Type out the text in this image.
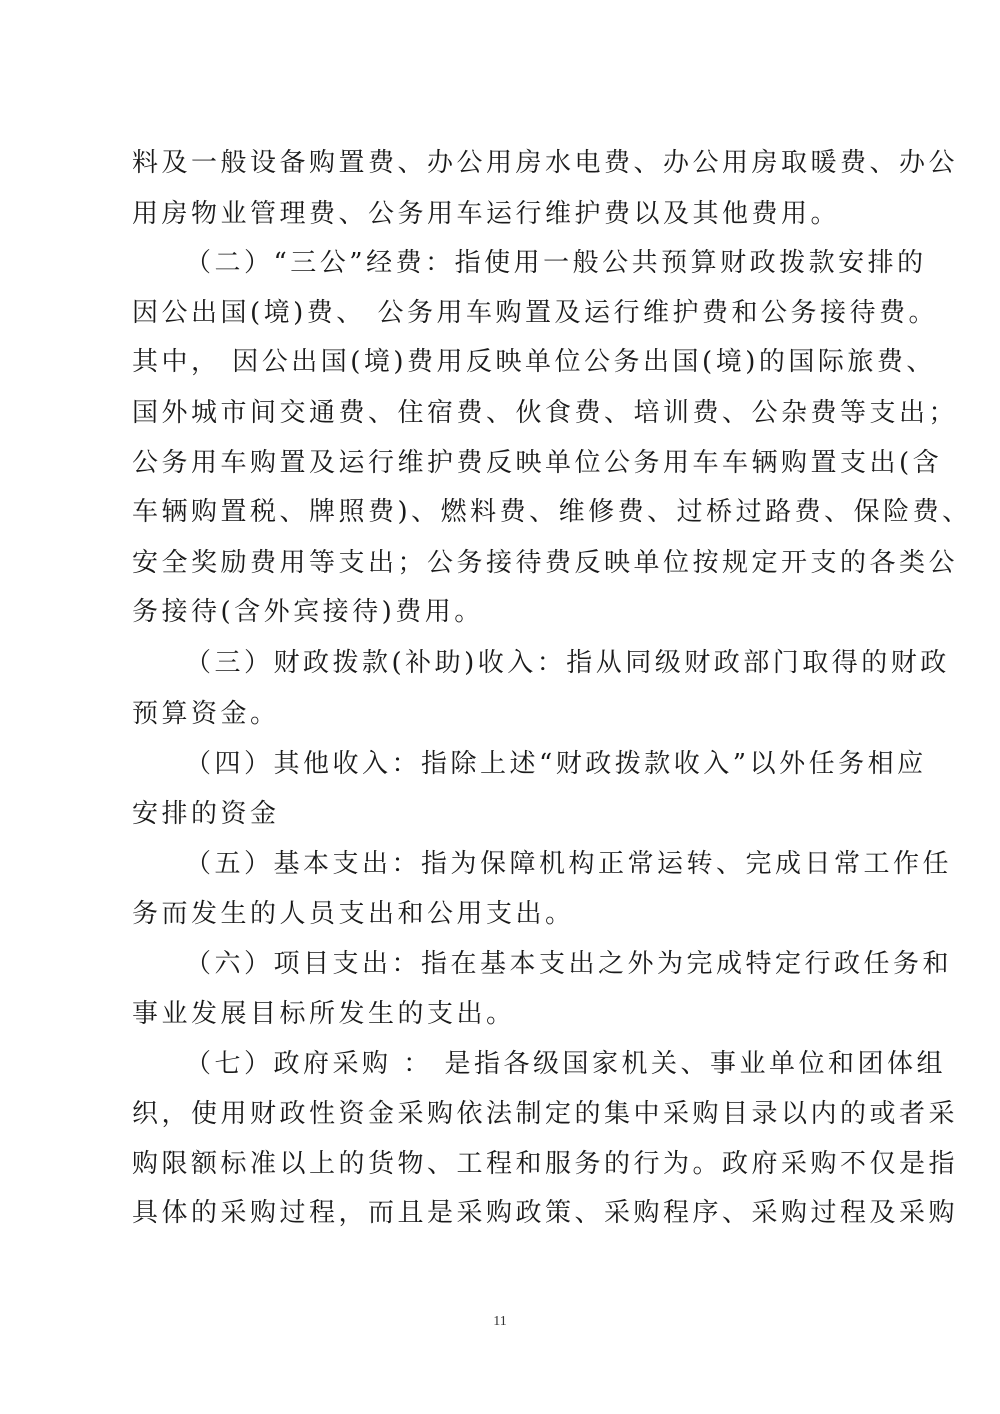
料及一般设备购置费、办公用房水电费、办公用房取暖费、办公
用房物业管理费、公务用车运行维护费以及其他费用。
（二）“三公”经费：指使用一般公共预算财政拨款安排的
因公出国(境)费、 公务用车购置及运行维护费和公务接待费。
其中， 因公出国(境)费用反映单位公务出国(境)的国际旅费、
国外城市间交通费、住宿费、伙食费、培训费、公杂费等支出；
公务用车购置及运行维护费反映单位公务用车车辆购置支出(含
车辆购置税、牌照费)、燃料费、维修费、过桥过路费、保险费、
安全奖励费用等支出；公务接待费反映单位按规定开支的各类公
务接待(含外宾接待)费用。
（三）财政拨款(补助)收入：指从同级财政部门取得的财政
预算资金。
（四）其他收入：指除上述“财政拨款收入”以外任务相应
安排的资金
（五）基本支出：指为保障机构正常运转、完成日常工作任
务而发生的人员支出和公用支出。
（六）项目支出：指在基本支出之外为完成特定行政任务和
事业发展目标所发生的支出。
（七）政府采购 ： 是指各级国家机关、事业单位和团体组
织，使用财政性资金采购依法制定的集中采购目录以内的或者采
购限额标准以上的货物、工程和服务的行为。政府采购不仅是指
具体的采购过程，而且是采购政策、采购程序、采购过程及采购
11
